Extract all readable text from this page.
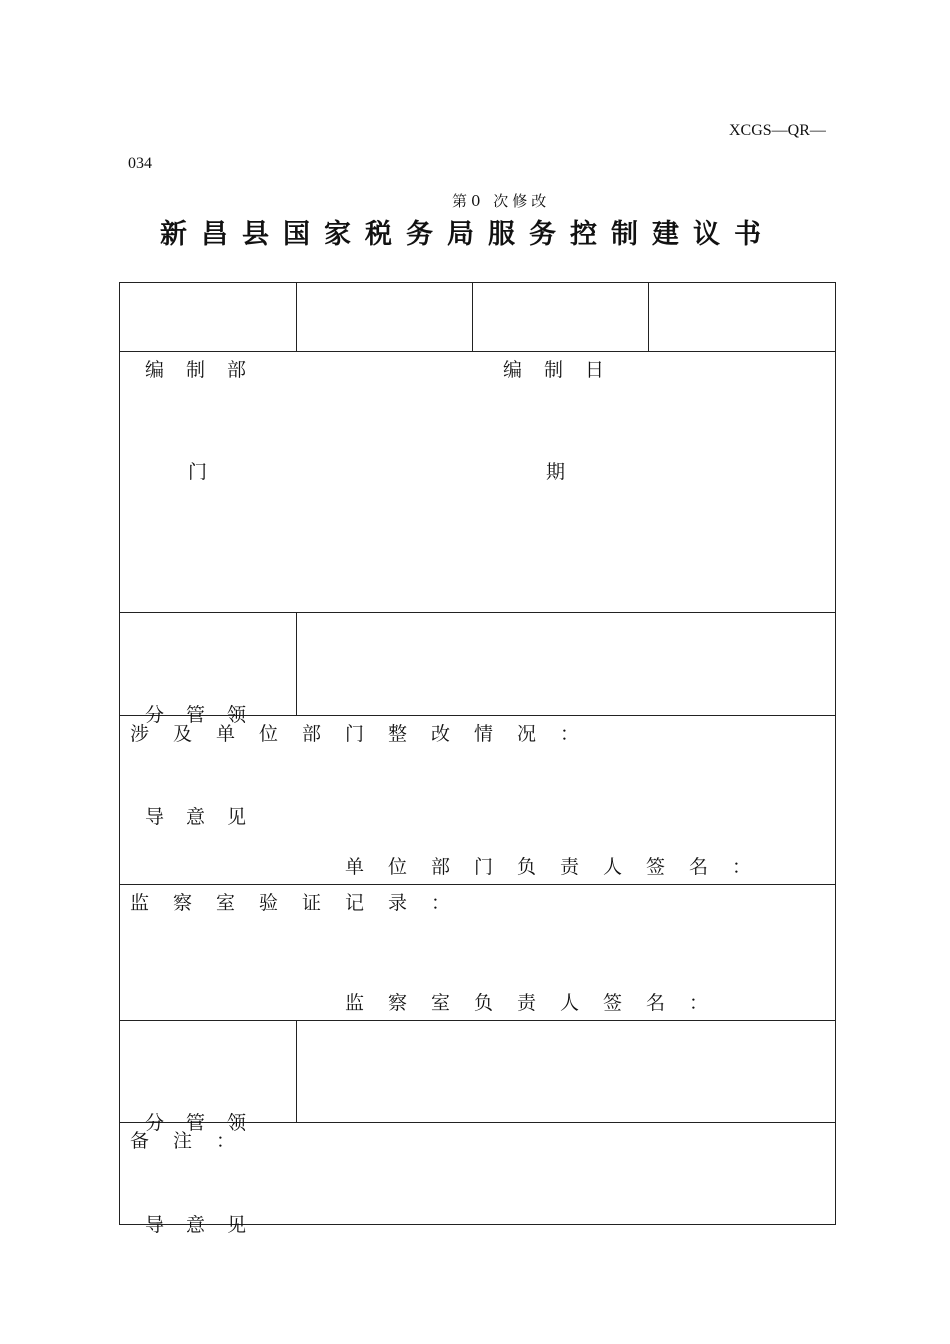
XCGS—QR—
034
第0 次修改
新昌县国家税务局服务控制建议书

编制部

门

编制日

期

分管领

导意见

涉及单位部门整改情况：
单位部门负责人签名：
监察室验证记录：
监察室负责人签名：

分管领

导意见

备注：
